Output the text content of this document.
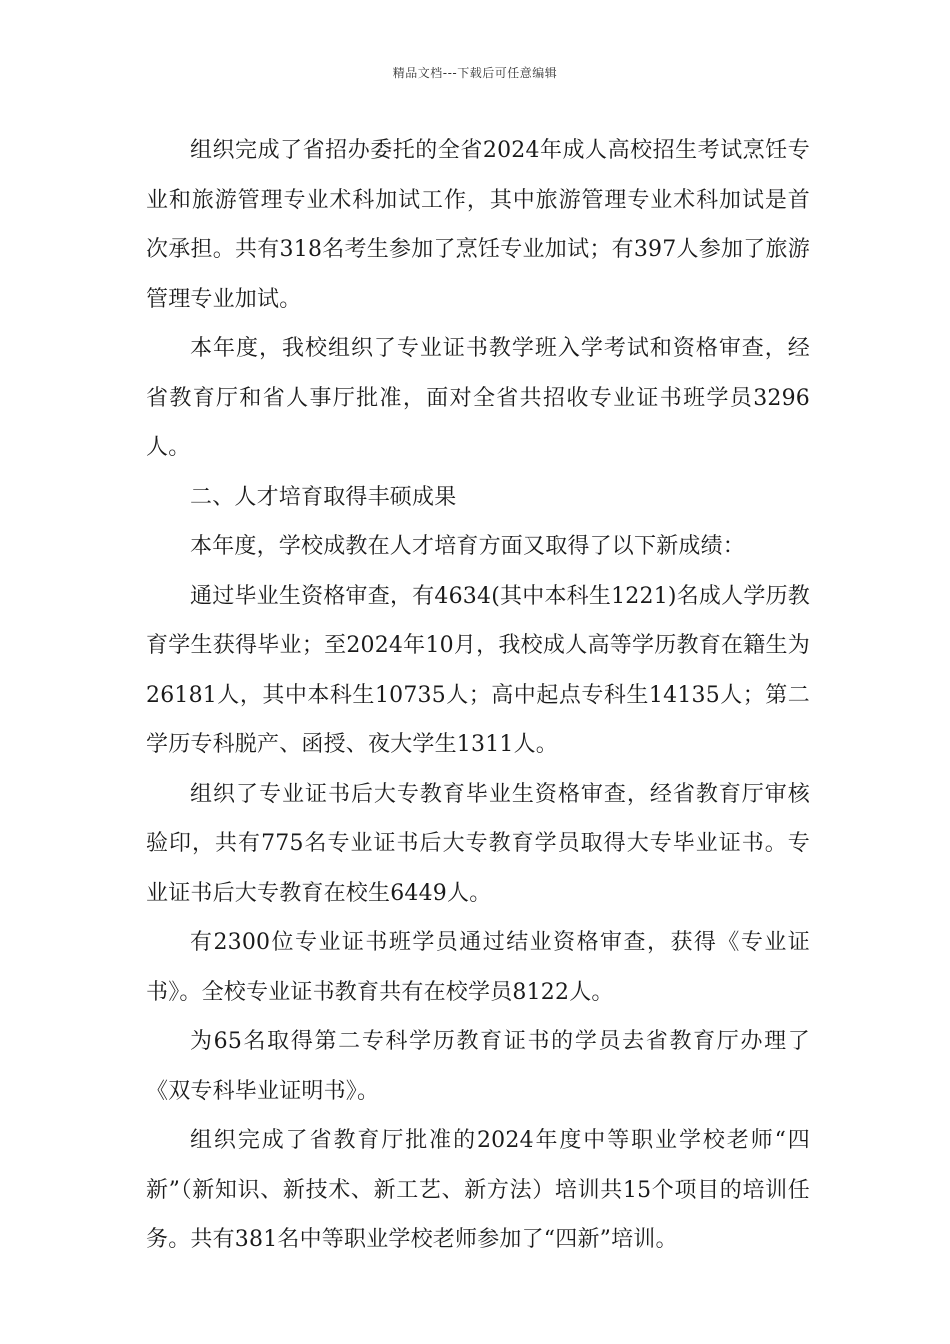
精品文档---下载后可任意编辑

组织完成了省招办委托的全省2024年成人高校招生考试烹饪专业和旅游管理专业术科加试工作，其中旅游管理专业术科加试是首次承担。共有318名考生参加了烹饪专业加试；有397人参加了旅游管理专业加试。

本年度，我校组织了专业证书教学班入学考试和资格审查，经省教育厅和省人事厅批准，面对全省共招收专业证书班学员3296人。

二、人才培育取得丰硕成果

本年度，学校成教在人才培育方面又取得了以下新成绩：

通过毕业生资格审查，有4634(其中本科生1221)名成人学历教育学生获得毕业；至2024年10月，我校成人高等学历教育在籍生为26181人，其中本科生10735人；高中起点专科生14135人；第二学历专科脱产、函授、夜大学生1311人。

组织了专业证书后大专教育毕业生资格审查，经省教育厅审核验印，共有775名专业证书后大专教育学员取得大专毕业证书。专业证书后大专教育在校生6449人。

有2300位专业证书班学员通过结业资格审查，获得《专业证书》。全校专业证书教育共有在校学员8122人。

为65名取得第二专科学历教育证书的学员去省教育厅办理了《双专科毕业证明书》。

组织完成了省教育厅批准的2024年度中等职业学校老师“四新”（新知识、新技术、新工艺、新方法）培训共15个项目的培训任务。共有381名中等职业学校老师参加了“四新”培训。
